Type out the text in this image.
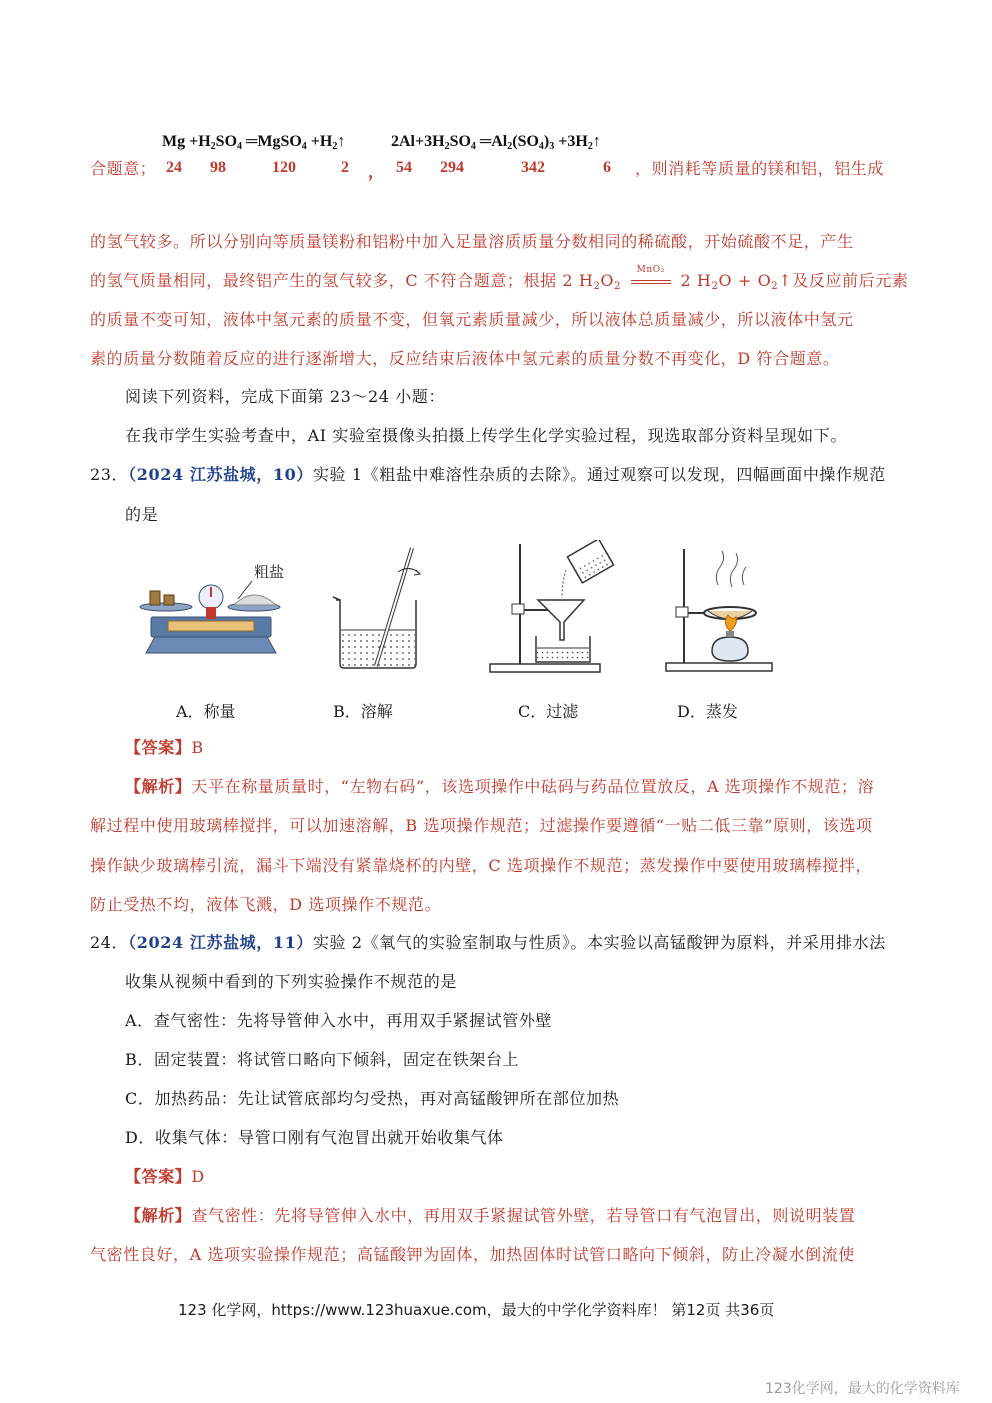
$Mg +H_2SO_4$ ═MgSO$_4$ $+H_2↑$	$2Al+3H_2SO_4$ $═Al_2(SO_4)_3$ $+3H_2↑$
合题意； 24 98	120	2 ， 54 294	342	6 ，则消耗等质量的镁和铝，铝生成
的氢气较多。所以分别向等质量镁粉和铝粉中加入足量溶质质量分数相同的稀硫酸，开始硫酸不足，产生
的氢气质量相同，最终铝产生的氢气较多，C 不符合题意；根据 2 $H_2O_2$
MnO₂
2 $H_2O$ + $O_2↑$及反应前后元素
的质量不变可知，液体中氢元素的质量不变，但氧元素质量减少，所以液体总质量减少，所以液体中氢元
素的质量分数随着反应的进行逐渐增大，反应结束后液体中氢元素的质量分数不再变化，D 符合题意。
阅读下列资料，完成下面第 23～24 小题：
在我市学生实验考查中，AI 实验室摄像头拍摄上传学生化学实验过程，现选取部分资料呈现如下。
23．（2024 江苏盐城，10）实验 1《粗盐中难溶性杂质的去除》。通过观察可以发现，四幅画面中操作规范
的是
粗盐
A．称量	B．溶解	C．过滤	D．蒸发
【答案】B
【解析】天平在称量质量时，“左物右码”，该选项操作中砝码与药品位置放反，A 选项操作不规范；溶
解过程中使用玻璃棒搅拌，可以加速溶解，B 选项操作规范；过滤操作要遵循“一贴二低三靠”原则，该选项
操作缺少玻璃棒引流，漏斗下端没有紧靠烧杯的内壁，C 选项操作不规范；蒸发操作中要使用玻璃棒搅拌，
防止受热不均，液体飞溅，D 选项操作不规范。
24．（2024 江苏盐城，11）实验 2《氧气的实验室制取与性质》。本实验以高锰酸钾为原料，并采用排水法
收集从视频中看到的下列实验操作不规范的是
A．查气密性：先将导管伸入水中，再用双手紧握试管外壁
B．固定装置：将试管口略向下倾斜，固定在铁架台上
C．加热药品：先让试管底部均匀受热，再对高锰酸钾所在部位加热
D．收集气体：导管口刚有气泡冒出就开始收集气体
【答案】D
【解析】查气密性：先将导管伸入水中，再用双手紧握试管外壁，若导管口有气泡冒出，则说明装置
气密性良好，A 选项实验操作规范；高锰酸钾为固体，加热固体时试管口略向下倾斜，防止冷凝水倒流使
123 化学网，https://www.123huaxue.com，最大的中学化学资料库！ 第12页 共36页
123化学网，最大的化学资料库
